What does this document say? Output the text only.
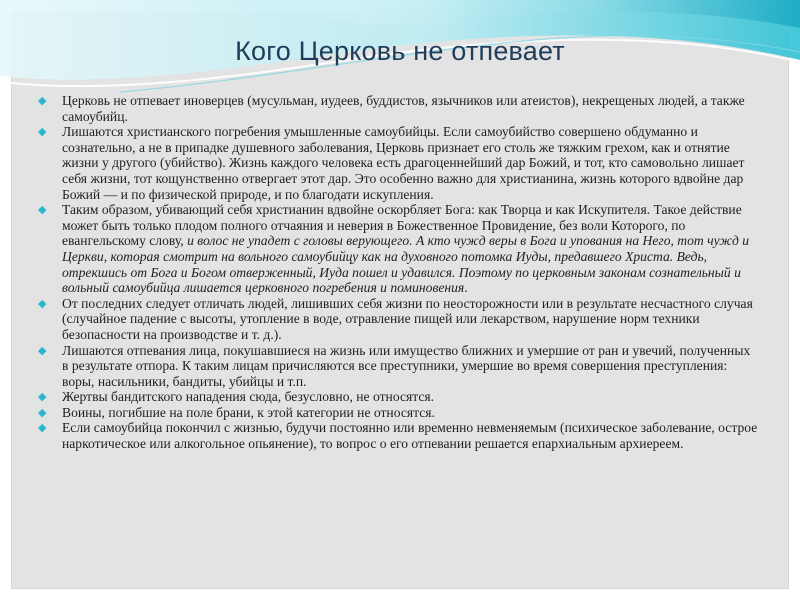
Кого Церковь не отпевает
◆ Церковь не отпевает иноверцев (мусульман, иудеев, буддистов, язычников или атеистов), некрещеных людей, а также самоубийц.
◆ Лишаются христианского погребения умышленные самоубийцы. Если самоубийство совершено обдуманно и сознательно, а не в припадке душевного заболевания, Церковь признает его столь же тяжким грехом, как и отнятие жизни у другого (убийство). Жизнь каждого человека есть драгоценнейший дар Божий, и тот, кто самовольно лишает себя жизни, тот кощунственно отвергает этот дар. Это особенно важно для христианина, жизнь которого вдвойне дар Божий — и по физической природе, и по благодати искупления.
◆ Таким образом, убивающий себя христианин вдвойне оскорбляет Бога: как Творца и как Искупителя. Такое действие может быть только плодом полного отчаяния и неверия в Божественное Провидение, без воли Которого, по евангельскому слову, и волос не упадет с головы верующего. А кто чужд веры в Бога и упования на Него, тот чужд и Церкви, которая смотрит на вольного самоубийцу как на духовного потомка Иуды, предавшего Христа. Ведь, отрекшись от Бога и Богом отверженный, Иуда пошел и удавился. Поэтому по церковным законам сознательный и вольный самоубийца лишается церковного погребения и поминовения.
◆ От последних следует отличать людей, лишивших себя жизни по неосторожности или в результате несчастного случая (случайное падение с высоты, утопление в воде, отравление пищей или лекарством, нарушение норм техники безопасности на производстве и т. д.).
◆ Лишаются отпевания лица, покушавшиеся на жизнь или имущество ближних и умершие от ран и увечий, полученных в результате отпора. К таким лицам причисляются все преступники, умершие во время совершения преступления: воры, насильники, бандиты, убийцы и т.п.
◆ Жертвы бандитского нападения сюда, безусловно, не относятся.
◆ Воины, погибшие на поле брани, к этой категории не относятся.
◆ Если самоубийца покончил с жизнью, будучи постоянно или временно невменяемым (психическое заболевание, острое наркотическое или алкогольное опьянение), то вопрос о его отпевании решается епархиальным архиереем.
